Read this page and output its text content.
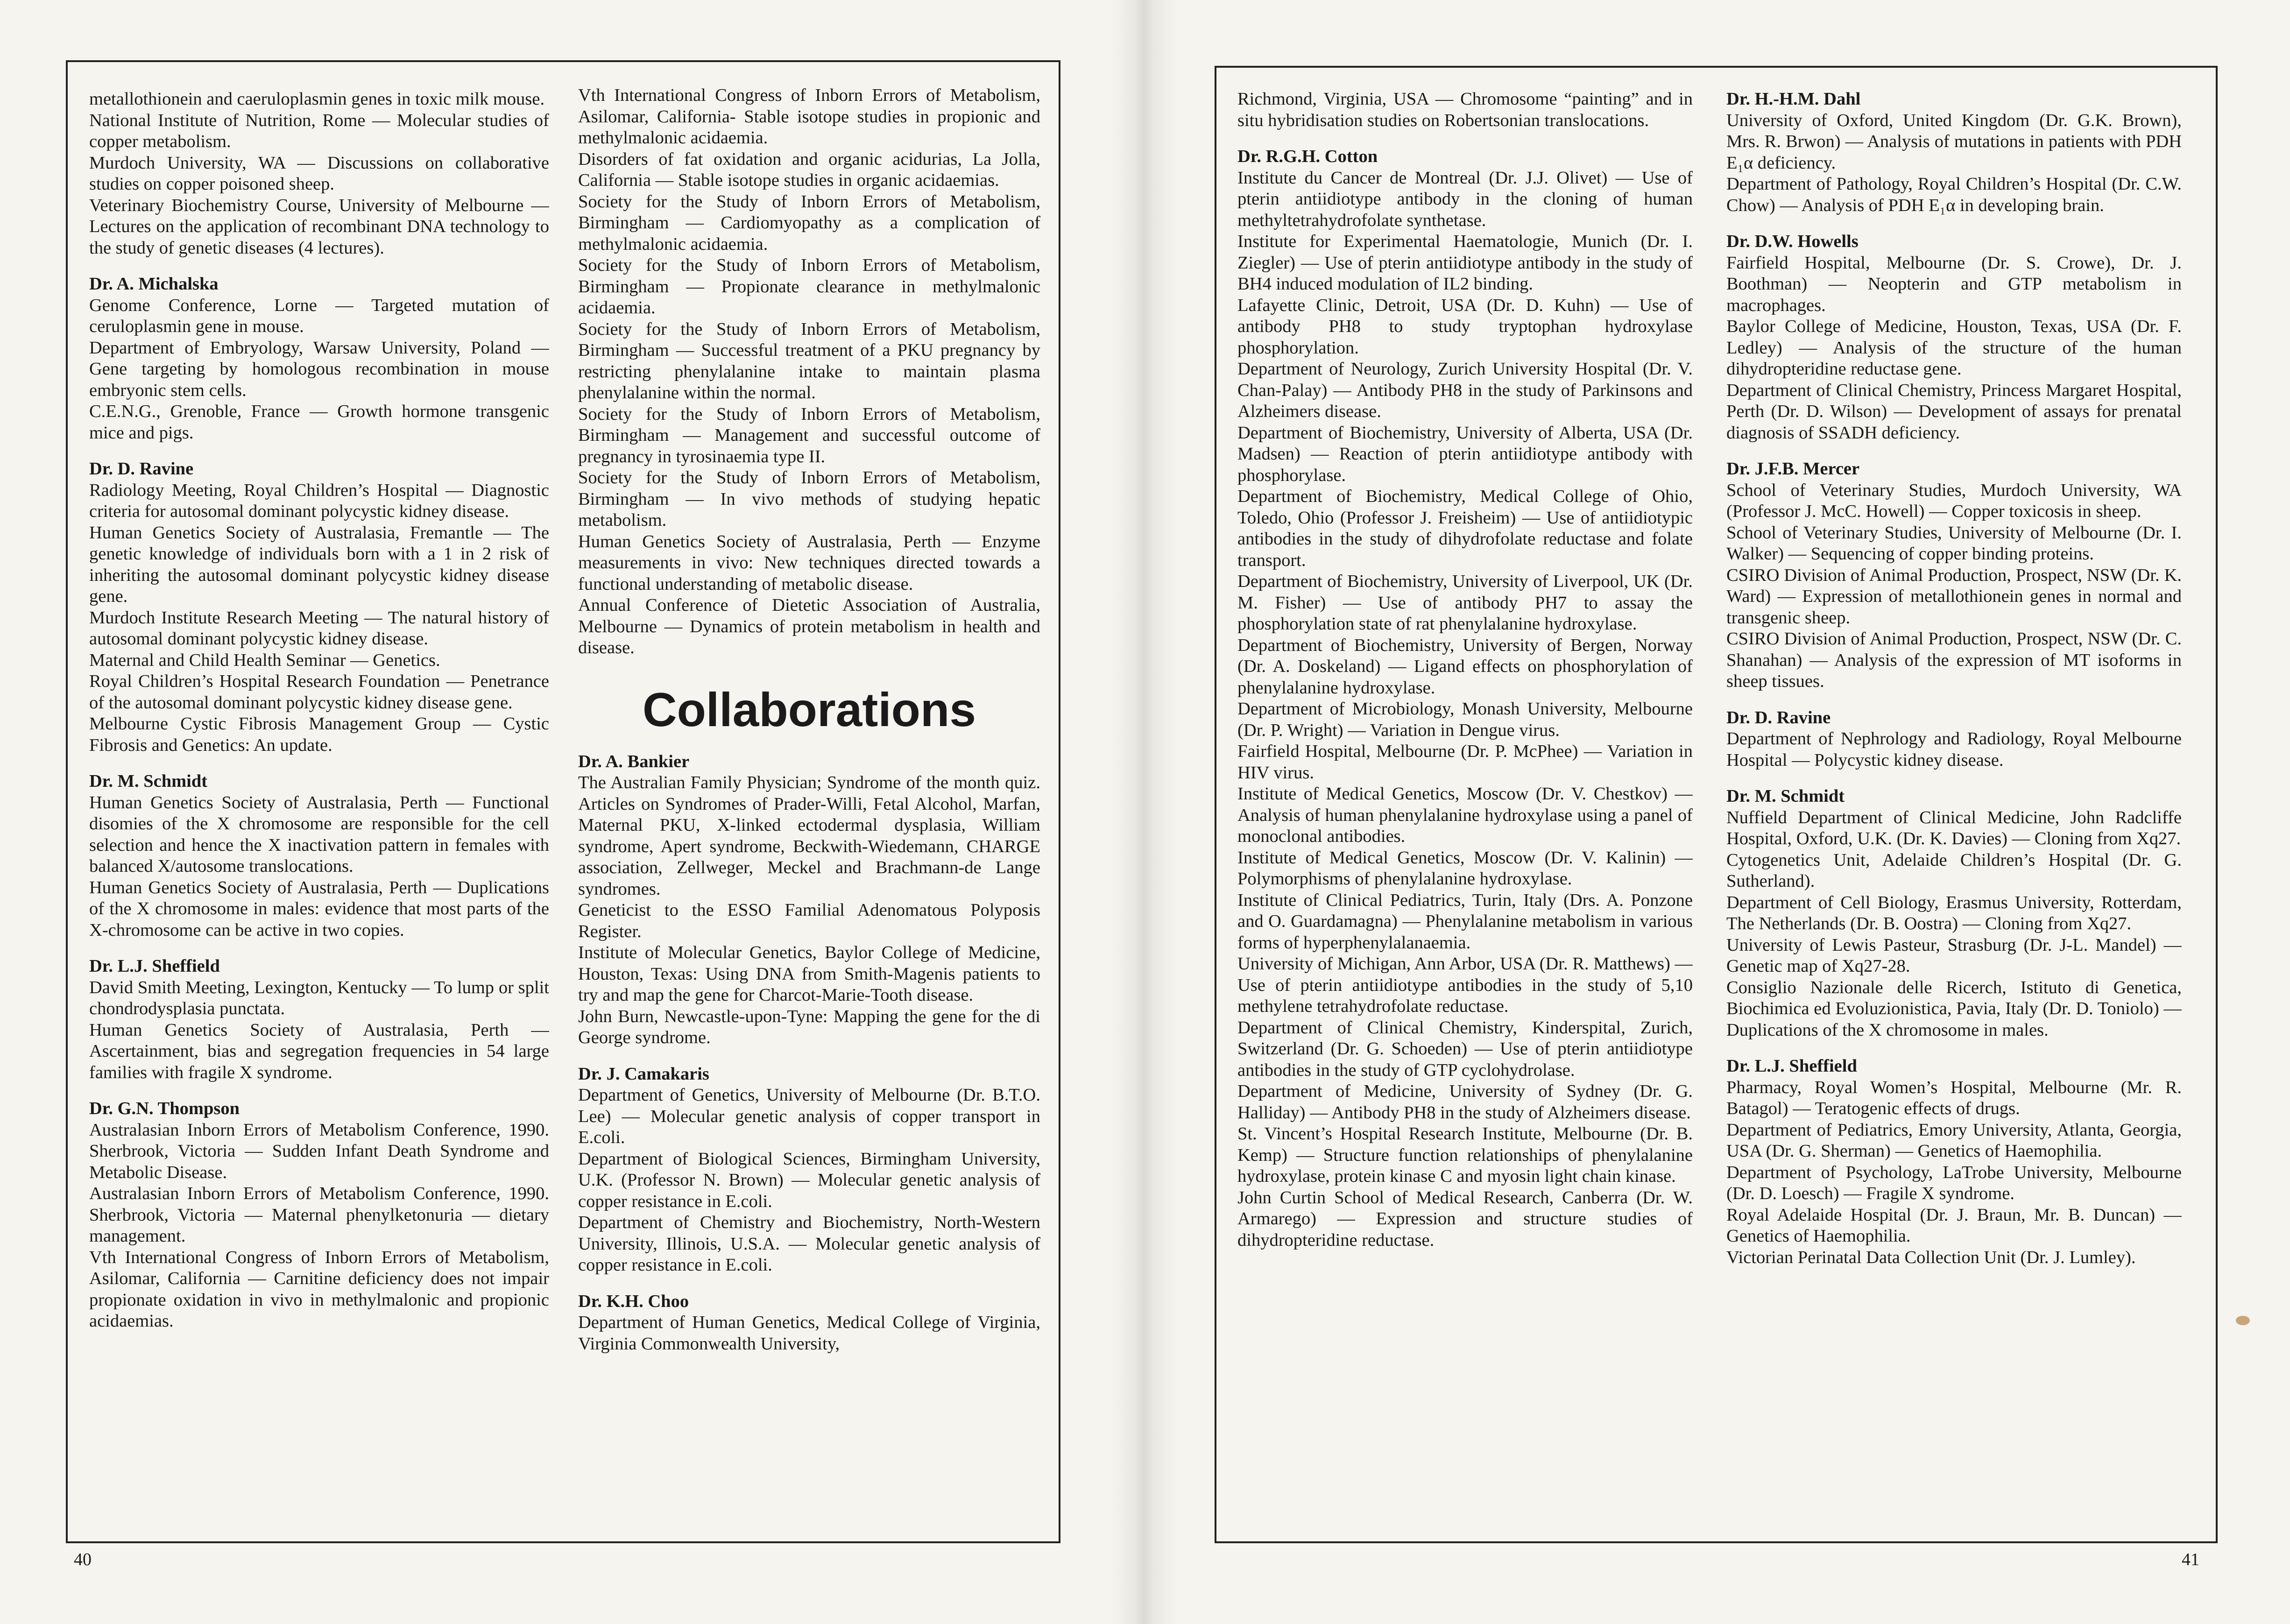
metallothionein and caeruloplasmin genes in toxic milk mouse.

National Institute of Nutrition, Rome — Molecular studies of copper metabolism.

Murdoch University, WA — Discussions on collaborative studies on copper poisoned sheep.

Veterinary Biochemistry Course, University of Melbourne — Lectures on the application of recombinant DNA technology to the study of genetic diseases (4 lectures).

Dr. A. Michalska

Genome Conference, Lorne — Targeted mutation of ceruloplasmin gene in mouse.

Department of Embryology, Warsaw University, Poland — Gene targeting by homologous recombination in mouse embryonic stem cells.

C.E.N.G., Grenoble, France — Growth hormone transgenic mice and pigs.

Dr. D. Ravine

Radiology Meeting, Royal Children’s Hospital — Diagnostic criteria for autosomal dominant polycystic kidney disease.

Human Genetics Society of Australasia, Fremantle — The genetic knowledge of individuals born with a 1 in 2 risk of inheriting the autosomal dominant polycystic kidney disease gene.

Murdoch Institute Research Meeting — The natural history of autosomal dominant polycystic kidney disease.

Maternal and Child Health Seminar — Genetics.

Royal Children’s Hospital Research Foundation — Penetrance of the autosomal dominant polycystic kidney disease gene.

Melbourne Cystic Fibrosis Management Group — Cystic Fibrosis and Genetics: An update.

Dr. M. Schmidt

Human Genetics Society of Australasia, Perth — Functional disomies of the X chromosome are responsible for the cell selection and hence the X inactivation pattern in females with balanced X/autosome translocations.

Human Genetics Society of Australasia, Perth — Duplications of the X chromosome in males: evidence that most parts of the X-chromosome can be active in two copies.

Dr. L.J. Sheffield

David Smith Meeting, Lexington, Kentucky — To lump or split chondrodysplasia punctata.

Human Genetics Society of Australasia, Perth — Ascertainment, bias and segregation frequencies in 54 large families with fragile X syndrome.

Dr. G.N. Thompson

Australasian Inborn Errors of Metabolism Conference, 1990. Sherbrook, Victoria — Sudden Infant Death Syndrome and Metabolic Disease.

Australasian Inborn Errors of Metabolism Conference, 1990. Sherbrook, Victoria — Maternal phenylketonuria — dietary management.

Vth International Congress of Inborn Errors of Metabolism, Asilomar, California — Carnitine deficiency does not impair propionate oxidation in vivo in methylmalonic and propionic acidaemias.

Vth International Congress of Inborn Errors of Metabolism, Asilomar, California- Stable isotope studies in propionic and methylmalonic acidaemia.

Disorders of fat oxidation and organic acidurias, La Jolla, California — Stable isotope studies in organic acidaemias.

Society for the Study of Inborn Errors of Metabolism, Birmingham — Cardiomyopathy as a complication of methylmalonic acidaemia.

Society for the Study of Inborn Errors of Metabolism, Birmingham — Propionate clearance in methylmalonic acidaemia.

Society for the Study of Inborn Errors of Metabolism, Birmingham — Successful treatment of a PKU pregnancy by restricting phenylalanine intake to maintain plasma phenylalanine within the normal.

Society for the Study of Inborn Errors of Metabolism, Birmingham — Management and successful outcome of pregnancy in tyrosinaemia type II.

Society for the Study of Inborn Errors of Metabolism, Birmingham — In vivo methods of studying hepatic metabolism.

Human Genetics Society of Australasia, Perth — Enzyme measurements in vivo: New techniques directed towards a functional understanding of metabolic disease.

Annual Conference of Dietetic Association of Australia, Melbourne — Dynamics of protein metabolism in health and disease.

Collaborations

Dr. A. Bankier

The Australian Family Physician; Syndrome of the month quiz. Articles on Syndromes of Prader-Willi, Fetal Alcohol, Marfan, Maternal PKU, X-linked ectodermal dysplasia, William syndrome, Apert syndrome, Beckwith-Wiedemann, CHARGE association, Zellweger, Meckel and Brachmann-de Lange syndromes.

Geneticist to the ESSO Familial Adenomatous Polyposis Register.

Institute of Molecular Genetics, Baylor College of Medicine, Houston, Texas: Using DNA from Smith-Magenis patients to try and map the gene for Charcot-Marie-Tooth disease.

John Burn, Newcastle-upon-Tyne: Mapping the gene for the di George syndrome.

Dr. J. Camakaris

Department of Genetics, University of Melbourne (Dr. B.T.O. Lee) — Molecular genetic analysis of copper transport in E.coli.

Department of Biological Sciences, Birmingham University, U.K. (Professor N. Brown) — Molecular genetic analysis of copper resistance in E.coli.

Department of Chemistry and Biochemistry, North-Western University, Illinois, U.S.A. — Molecular genetic analysis of copper resistance in E.coli.

Dr. K.H. Choo

Department of Human Genetics, Medical College of Virginia, Virginia Commonwealth University,

Richmond, Virginia, USA — Chromosome “painting” and in situ hybridisation studies on Robertsonian translocations.

Dr. R.G.H. Cotton

Institute du Cancer de Montreal (Dr. J.J. Olivet) — Use of pterin antiidiotype antibody in the cloning of human methyltetrahydrofolate synthetase.

Institute for Experimental Haematologie, Munich (Dr. I. Ziegler) — Use of pterin antiidiotype antibody in the study of BH4 induced modulation of IL2 binding.

Lafayette Clinic, Detroit, USA (Dr. D. Kuhn) — Use of antibody PH8 to study tryptophan hydroxylase phosphorylation.

Department of Neurology, Zurich University Hospital (Dr. V. Chan-Palay) — Antibody PH8 in the study of Parkinsons and Alzheimers disease.

Department of Biochemistry, University of Alberta, USA (Dr. Madsen) — Reaction of pterin antiidiotype antibody with phosphorylase.

Department of Biochemistry, Medical College of Ohio, Toledo, Ohio (Professor J. Freisheim) — Use of antiidiotypic antibodies in the study of dihydrofolate reductase and folate transport.

Department of Biochemistry, University of Liverpool, UK (Dr. M. Fisher) — Use of antibody PH7 to assay the phosphorylation state of rat phenylalanine hydroxylase.

Department of Biochemistry, University of Bergen, Norway (Dr. A. Doskeland) — Ligand effects on phosphorylation of phenylalanine hydroxylase.

Department of Microbiology, Monash University, Melbourne (Dr. P. Wright) — Variation in Dengue virus.

Fairfield Hospital, Melbourne (Dr. P. McPhee) — Variation in HIV virus.

Institute of Medical Genetics, Moscow (Dr. V. Chestkov) — Analysis of human phenylalanine hydroxylase using a panel of monoclonal antibodies.

Institute of Medical Genetics, Moscow (Dr. V. Kalinin) — Polymorphisms of phenylalanine hydroxylase.

Institute of Clinical Pediatrics, Turin, Italy (Drs. A. Ponzone and O. Guardamagna) — Phenylalanine metabolism in various forms of hyperphenylalanaemia.

University of Michigan, Ann Arbor, USA (Dr. R. Matthews) — Use of pterin antiidiotype antibodies in the study of 5,10 methylene tetrahydrofolate reductase.

Department of Clinical Chemistry, Kinderspital, Zurich, Switzerland (Dr. G. Schoeden) — Use of pterin antiidiotype antibodies in the study of GTP cyclohydrolase.

Department of Medicine, University of Sydney (Dr. G. Halliday) — Antibody PH8 in the study of Alzheimers disease.

St. Vincent’s Hospital Research Institute, Melbourne (Dr. B. Kemp) — Structure function relationships of phenylalanine hydroxylase, protein kinase C and myosin light chain kinase.

John Curtin School of Medical Research, Canberra (Dr. W. Armarego) — Expression and structure studies of dihydropteridine reductase.

Dr. H.-H.M. Dahl

University of Oxford, United Kingdom (Dr. G.K. Brown), Mrs. R. Brwon) — Analysis of mutations in patients with PDH E₁α deficiency.

Department of Pathology, Royal Children’s Hospital (Dr. C.W. Chow) — Analysis of PDH E₁α in developing brain.

Dr. D.W. Howells

Fairfield Hospital, Melbourne (Dr. S. Crowe), Dr. J. Boothman) — Neopterin and GTP metabolism in macrophages.

Baylor College of Medicine, Houston, Texas, USA (Dr. F. Ledley) — Analysis of the structure of the human dihydropteridine reductase gene.

Department of Clinical Chemistry, Princess Margaret Hospital, Perth (Dr. D. Wilson) — Development of assays for prenatal diagnosis of SSADH deficiency.

Dr. J.F.B. Mercer

School of Veterinary Studies, Murdoch University, WA (Professor J. McC. Howell) — Copper toxicosis in sheep.

School of Veterinary Studies, University of Melbourne (Dr. I. Walker) — Sequencing of copper binding proteins.

CSIRO Division of Animal Production, Prospect, NSW (Dr. K. Ward) — Expression of metallothionein genes in normal and transgenic sheep.

CSIRO Division of Animal Production, Prospect, NSW (Dr. C. Shanahan) — Analysis of the expression of MT isoforms in sheep tissues.

Dr. D. Ravine

Department of Nephrology and Radiology, Royal Melbourne Hospital — Polycystic kidney disease.

Dr. M. Schmidt

Nuffield Department of Clinical Medicine, John Radcliffe Hospital, Oxford, U.K. (Dr. K. Davies) — Cloning from Xq27.

Cytogenetics Unit, Adelaide Children’s Hospital (Dr. G. Sutherland).

Department of Cell Biology, Erasmus University, Rotterdam, The Netherlands (Dr. B. Oostra) — Cloning from Xq27.

University of Lewis Pasteur, Strasburg (Dr. J-L. Mandel) — Genetic map of Xq27-28.

Consiglio Nazionale delle Ricerch, Istituto di Genetica, Biochimica ed Evoluzionistica, Pavia, Italy (Dr. D. Toniolo) — Duplications of the X chromosome in males.

Dr. L.J. Sheffield

Pharmacy, Royal Women’s Hospital, Melbourne (Mr. R. Batagol) — Teratogenic effects of drugs.

Department of Pediatrics, Emory University, Atlanta, Georgia, USA (Dr. G. Sherman) — Genetics of Haemophilia.

Department of Psychology, LaTrobe University, Melbourne (Dr. D. Loesch) — Fragile X syndrome.

Royal Adelaide Hospital (Dr. J. Braun, Mr. B. Duncan) — Genetics of Haemophilia.

Victorian Perinatal Data Collection Unit (Dr. J. Lumley).

40	41
